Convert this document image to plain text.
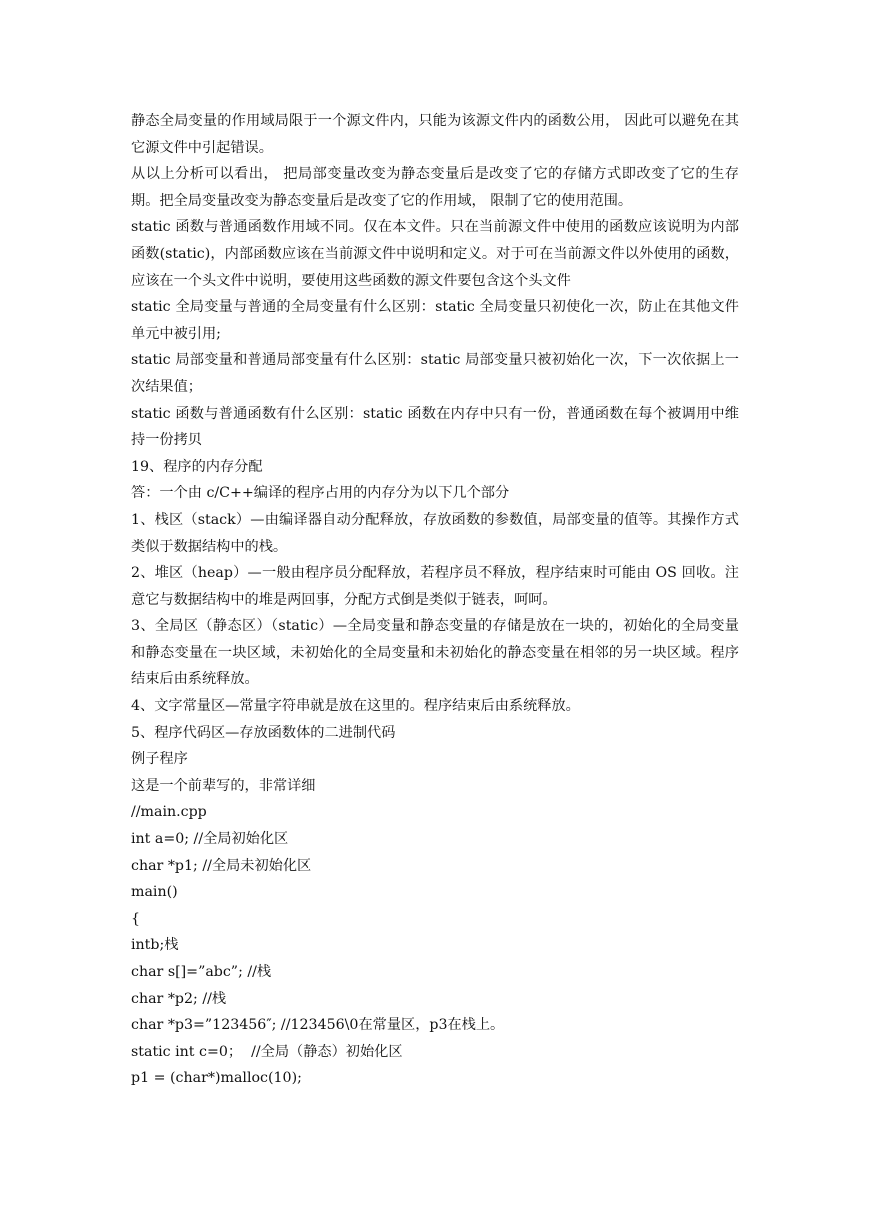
静态全局变量的作用域局限于一个源文件内，只能为该源文件内的函数公用， 因此可以避免在其它源文件中引起错误。

从以上分析可以看出， 把局部变量改变为静态变量后是改变了它的存储方式即改变了它的生存期。把全局变量改变为静态变量后是改变了它的作用域， 限制了它的使用范围。

static 函数与普通函数作用域不同。仅在本文件。只在当前源文件中使用的函数应该说明为内部函数(static)，内部函数应该在当前源文件中说明和定义。对于可在当前源文件以外使用的函数，应该在一个头文件中说明，要使用这些函数的源文件要包含这个头文件

static 全局变量与普通的全局变量有什么区别：static 全局变量只初使化一次，防止在其他文件单元中被引用;

static 局部变量和普通局部变量有什么区别：static 局部变量只被初始化一次，下一次依据上一次结果值；

static 函数与普通函数有什么区别：static 函数在内存中只有一份，普通函数在每个被调用中维持一份拷贝

19、程序的内存分配

答：一个由 c/C++编译的程序占用的内存分为以下几个部分

1、栈区（stack）—由编译器自动分配释放，存放函数的参数值，局部变量的值等。其操作方式类似于数据结构中的栈。

2、堆区（heap）—一般由程序员分配释放，若程序员不释放，程序结束时可能由 OS 回收。注意它与数据结构中的堆是两回事，分配方式倒是类似于链表，呵呵。

3、全局区（静态区）（static）—全局变量和静态变量的存储是放在一块的，初始化的全局变量和静态变量在一块区域，未初始化的全局变量和未初始化的静态变量在相邻的另一块区域。程序结束后由系统释放。

4、文字常量区—常量字符串就是放在这里的。程序结束后由系统释放。

5、程序代码区—存放函数体的二进制代码

例子程序

这是一个前辈写的，非常详细

//main.cpp

int a=0; //全局初始化区

char *p1; //全局未初始化区

main()

{

intb;栈

char s[]=”abc”; //栈

char *p2; //栈

char *p3=”123456″; //123456\0在常量区，p3在栈上。

static int c=0；  //全局（静态）初始化区

p1 = (char*)malloc(10);
